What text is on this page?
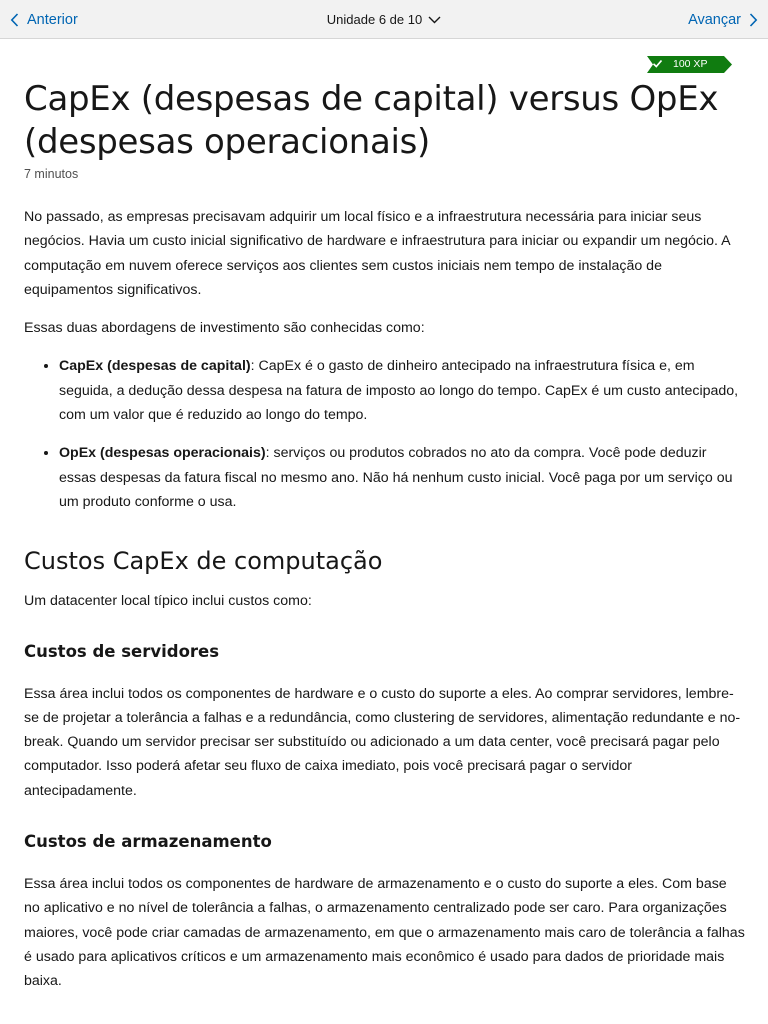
Anterior	Unidade 6 de 10	Avançar
100 XP
CapEx (despesas de capital) versus OpEx (despesas operacionais)
7 minutos

No passado, as empresas precisavam adquirir um local físico e a infraestrutura necessária para iniciar seus negócios. Havia um custo inicial significativo de hardware e infraestrutura para iniciar ou expandir um negócio. A computação em nuvem oferece serviços aos clientes sem custos iniciais nem tempo de instalação de equipamentos significativos.

Essas duas abordagens de investimento são conhecidas como:

• CapEx (despesas de capital): CapEx é o gasto de dinheiro antecipado na infraestrutura física e, em seguida, a dedução dessa despesa na fatura de imposto ao longo do tempo. CapEx é um custo antecipado, com um valor que é reduzido ao longo do tempo.
• OpEx (despesas operacionais): serviços ou produtos cobrados no ato da compra. Você pode deduzir essas despesas da fatura fiscal no mesmo ano. Não há nenhum custo inicial. Você paga por um serviço ou um produto conforme o usa.
Custos CapEx de computação

Um datacenter local típico inclui custos como:

Custos de servidores

Essa área inclui todos os componentes de hardware e o custo do suporte a eles. Ao comprar servidores, lembre-se de projetar a tolerância a falhas e a redundância, como clustering de servidores, alimentação redundante e no-break. Quando um servidor precisar ser substituído ou adicionado a um data center, você precisará pagar pelo computador. Isso poderá afetar seu fluxo de caixa imediato, pois você precisará pagar o servidor antecipadamente.

Custos de armazenamento

Essa área inclui todos os componentes de hardware de armazenamento e o custo do suporte a eles. Com base no aplicativo e no nível de tolerância a falhas, o armazenamento centralizado pode ser caro. Para organizações maiores, você pode criar camadas de armazenamento, em que o armazenamento mais caro de tolerância a falhas é usado para aplicativos críticos e um armazenamento mais econômico é usado para dados de prioridade mais baixa.
